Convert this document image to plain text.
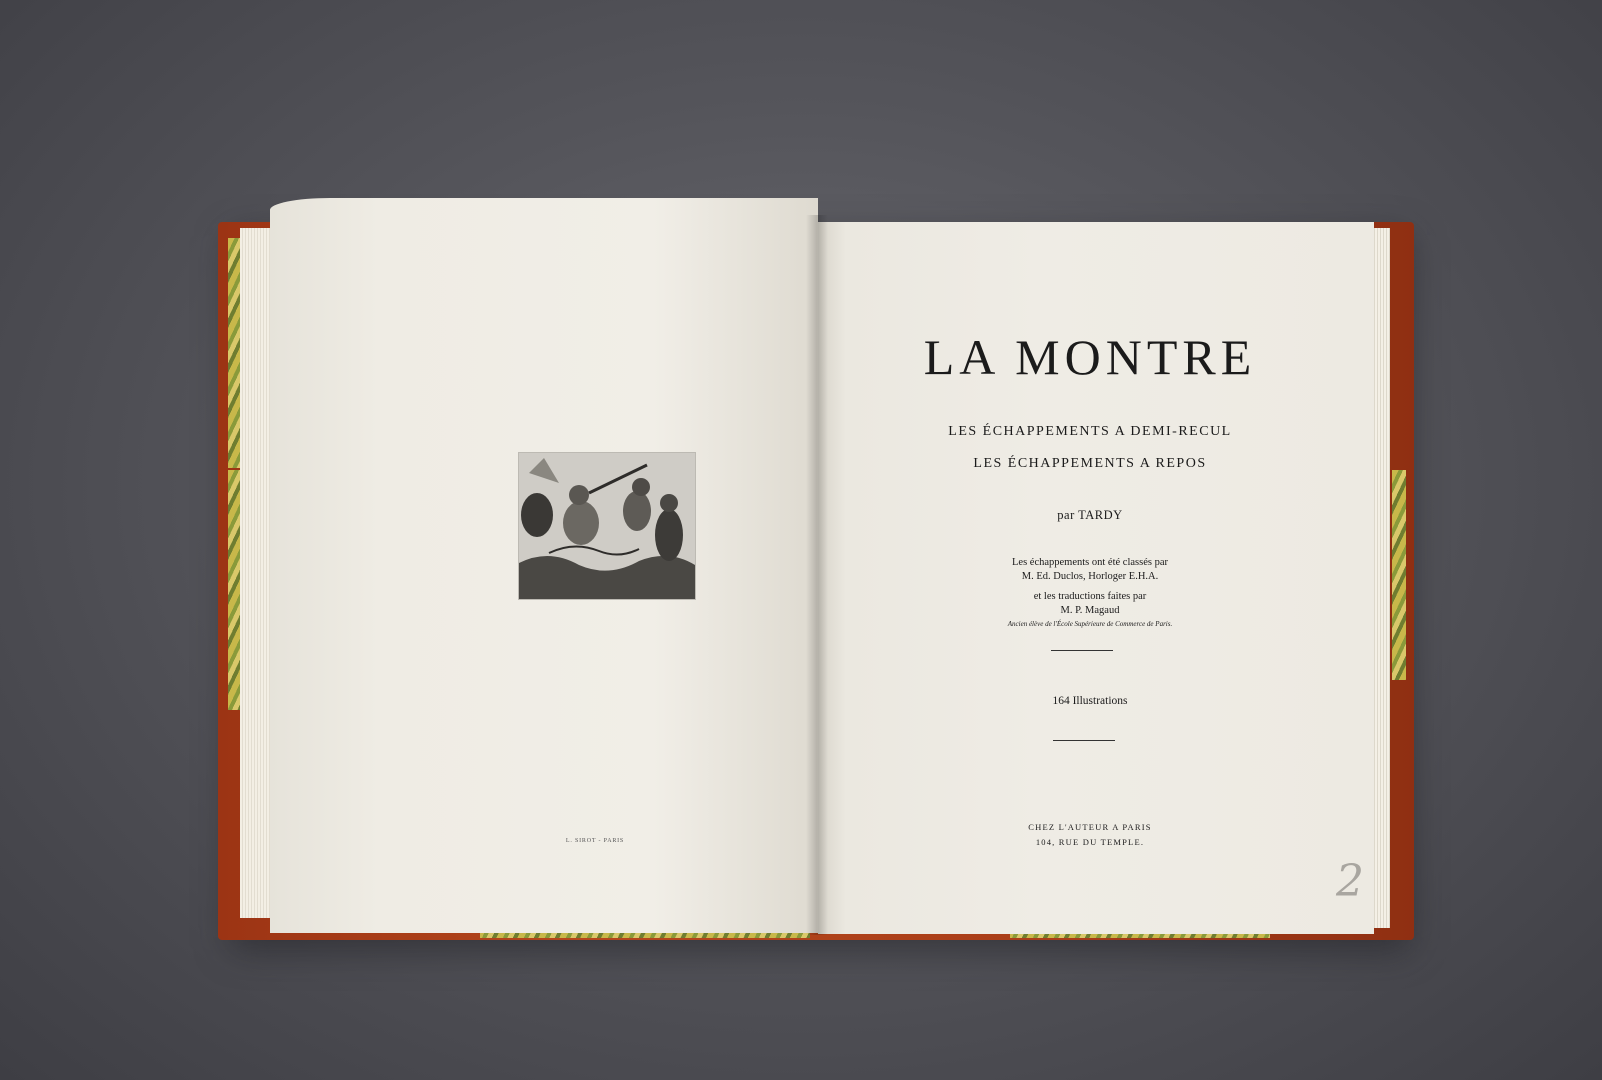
LA MONTRE
LES ÉCHAPPEMENTS A DEMI-RECUL
LES ÉCHAPPEMENTS A REPOS
par TARDY
Les échappements ont été classés par
M. Ed. Duclos, Horloger E.H.A.
et les traductions faites par
M. P. Magaud
Ancien élève de l'École Supérieure de Commerce de Paris.
164 Illustrations
CHEZ L'AUTEUR A PARIS
104, RUE DU TEMPLE.
L. SIROT - PARIS
2
